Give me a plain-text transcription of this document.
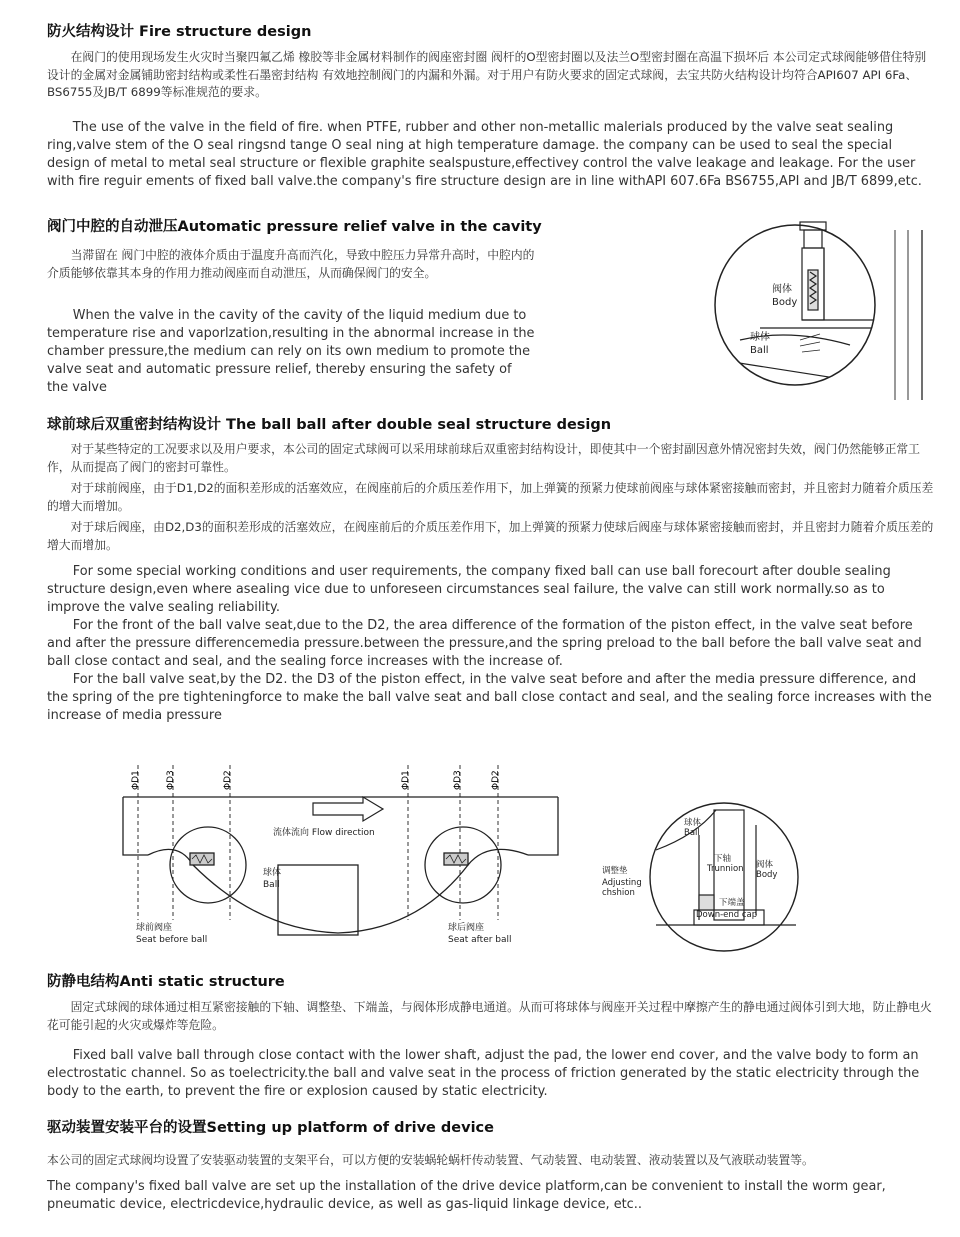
防火结构设计 Fire structure design
在阀门的使用现场发生火灾时当聚四氟乙烯 橡胶等非金属材料制作的阀座密封圈 阀杆的O型密封圈以及法兰O型密封圈在高温下损坏后 本公司定式球阀能够借住特别设计的金属对金属铺助密封结构或柔性石墨密封结构 有效地控制阀门的内漏和外漏。对于用户有防火要求的固定式球阀，去宝共防火结构设计均符合API607 API 6Fa、BS6755及JB/T 6899等标准规范的要求。
The use of the valve in the field of fire. when PTFE, rubber and other non-metallic malerials produced by the valve seat sealing ring,valve stem of the O seal ringsnd tange O seal ning at high temperature damage. the company can be used to seal the special design of metal to metal seal structure or flexible graphite sealspusture,effectivey control the valve leakage and leakage. For the user with fire reguir ements of fixed ball valve.the company's fire structure design are in line withAPI 607.6Fa BS6755,API and JB/T 6899,etc.
阀门中腔的自动泄压Automatic pressure relief valve in the cavity
当滞留在 阀门中腔的液体介质由于温度升高而汽化，导致中腔压力异常升高时，中腔内的介质能够依靠其本身的作用力推动阀座而自动泄压，从而确保阀门的安全。
When the valve in the cavity of the cavity of the liquid medium due to temperature rise and vaporlzation,resulting in the abnormal increase in the chamber pressure,the medium can rely on its own medium to promote the valve seat and automatic pressure relief, thereby ensuring the safety of the valve
阀体
Body
球体
Ball
球前球后双重密封结构设计 The ball ball after double seal structure design
对于某些特定的工况要求以及用户要求，本公司的固定式球阀可以采用球前球后双重密封结构设计，即使其中一个密封副因意外情况密封失效，阀门仍然能够正常工作，从而提高了阀门的密封可靠性。
对于球前阀座，由于D1,D2的面积差形成的活塞效应，在阀座前后的介质压差作用下，加上弹簧的预紧力使球前阀座与球体紧密接触而密封，并且密封力随着介质压差的增大而增加。
对于球后阀座，由D2,D3的面积差形成的活塞效应，在阀座前后的介质压差作用下，加上弹簧的预紧力使球后阀座与球体紧密接触而密封，并且密封力随着介质压差的增大而增加。
For some special working conditions and user requirements, the company fixed ball can use ball forecourt after double sealing structure design,even where asealing vice due to unforeseen circumstances seal failure, the valve can still work normally.so as to improve the valve sealing reliability.
For the front of the ball valve seat,due to the D2, the area difference of the formation of the piston effect, in the valve seat before and after the pressure differencemedia pressure.between the pressure,and the spring preload to the ball before the ball valve seat and ball close contact and seal, and the sealing force increases with the increase of.
For the ball valve seat,by the D2. the D3 of the piston effect, in the valve seat before and after the media pressure difference, and the spring of the pre tighteningforce to make the ball valve seat and ball close contact and seal, and the sealing force increases with the increase of media pressure
ΦD1	ΦD3	ΦD2	ΦD1	ΦD3	ΦD2
流体流向 Flow direction
球体
Ball
球前阀座
Seat before ball
球后阀座
Seat after ball
球体
Ball
下轴
Trunnion 阀体
Body
调整垫
Adjusting
chshion
下端盖
Down-end cap
防静电结构Anti static structure
固定式球阀的球体通过相互紧密接触的下轴、调整垫、下端盖，与阀体形成静电通道。从而可将球体与阀座开关过程中摩擦产生的静电通过阀体引到大地，防止静电火花可能引起的火灾或爆炸等危险。
Fixed ball valve ball through close contact with the lower shaft, adjust the pad, the lower end cover, and the valve body to form an electrostatic channel. So as toelectricity.the ball and valve seat in the process of friction generated by the static electricity through the body to the earth, to prevent the fire or explosion caused by static electricity.
驱动装置安装平台的设置Setting up platform of drive device
本公司的固定式球阀均设置了安装驱动装置的支架平台，可以方便的安装蜗轮蜗杆传动装置、气动装置、电动装置、液动装置以及气液联动装置等。
The company's fixed ball valve are set up the installation of the drive device platform,can be convenient to install the worm gear, pneumatic device, electricdevice,hydraulic device, as well as gas-liquid linkage device, etc..
